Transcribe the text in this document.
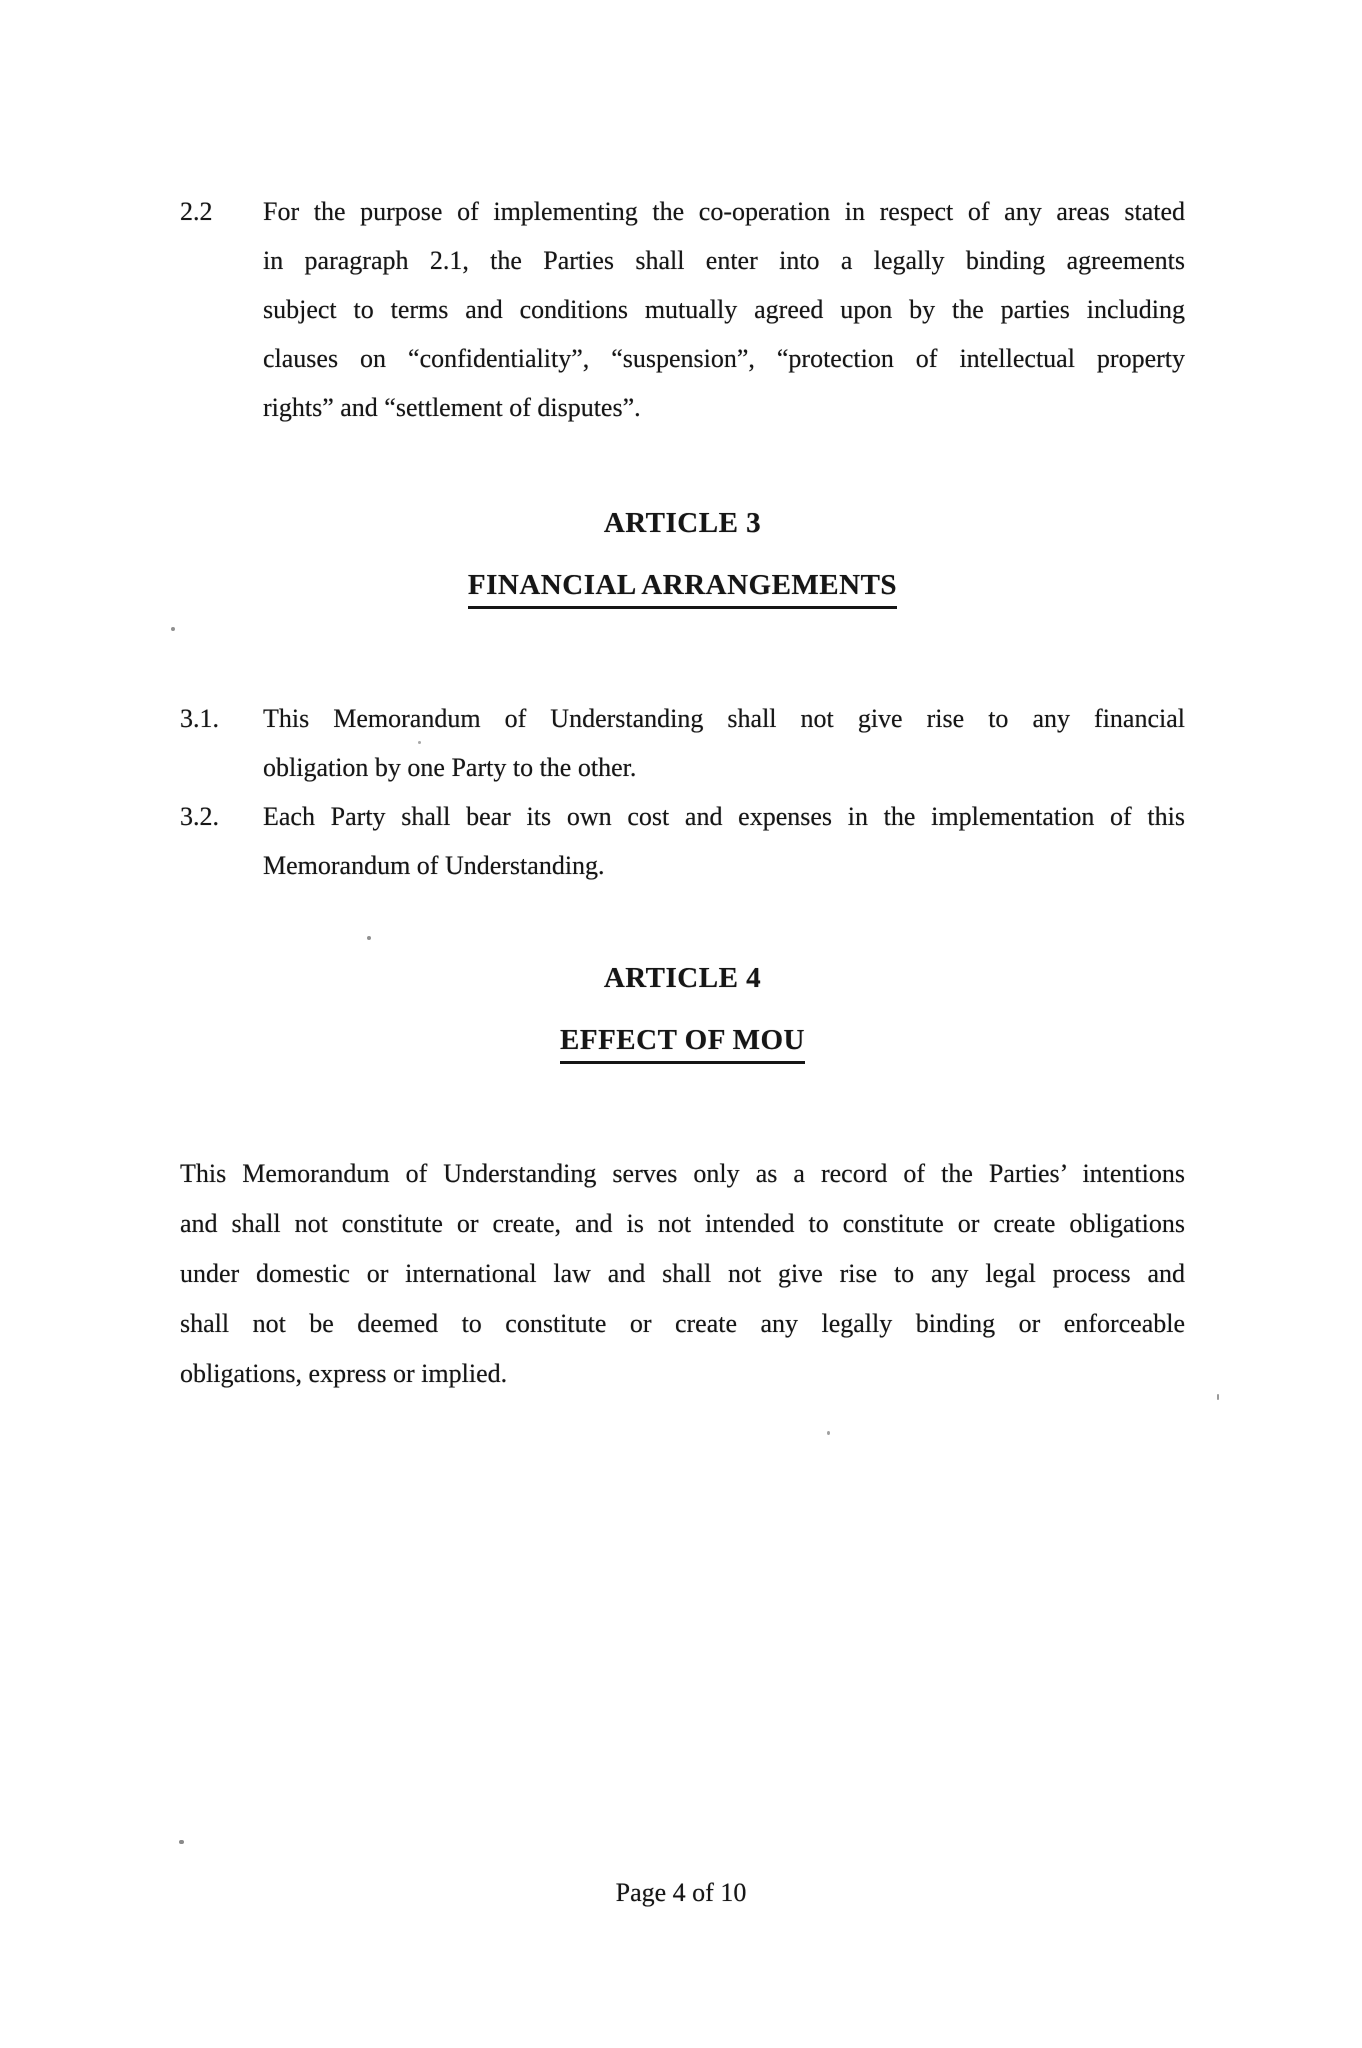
2.2 For the purpose of implementing the co-operation in respect of any areas stated
in paragraph 2.1, the Parties shall enter into a legally binding agreements
subject to terms and conditions mutually agreed upon by the parties including
clauses on “confidentiality”, “suspension”, “protection of intellectual property
rights” and “settlement of disputes”.
ARTICLE 3
FINANCIAL ARRANGEMENTS
3.1. This Memorandum of Understanding shall not give rise to any financial
obligation by one Party to the other.
3.2. Each Party shall bear its own cost and expenses in the implementation of this
Memorandum of Understanding.
ARTICLE 4
EFFECT OF MOU
This Memorandum of Understanding serves only as a record of the Parties’ intentions
and shall not constitute or create, and is not intended to constitute or create obligations
under domestic or international law and shall not give rise to any legal process and
shall not be deemed to constitute or create any legally binding or enforceable
obligations, express or implied.
Page 4 of 10
